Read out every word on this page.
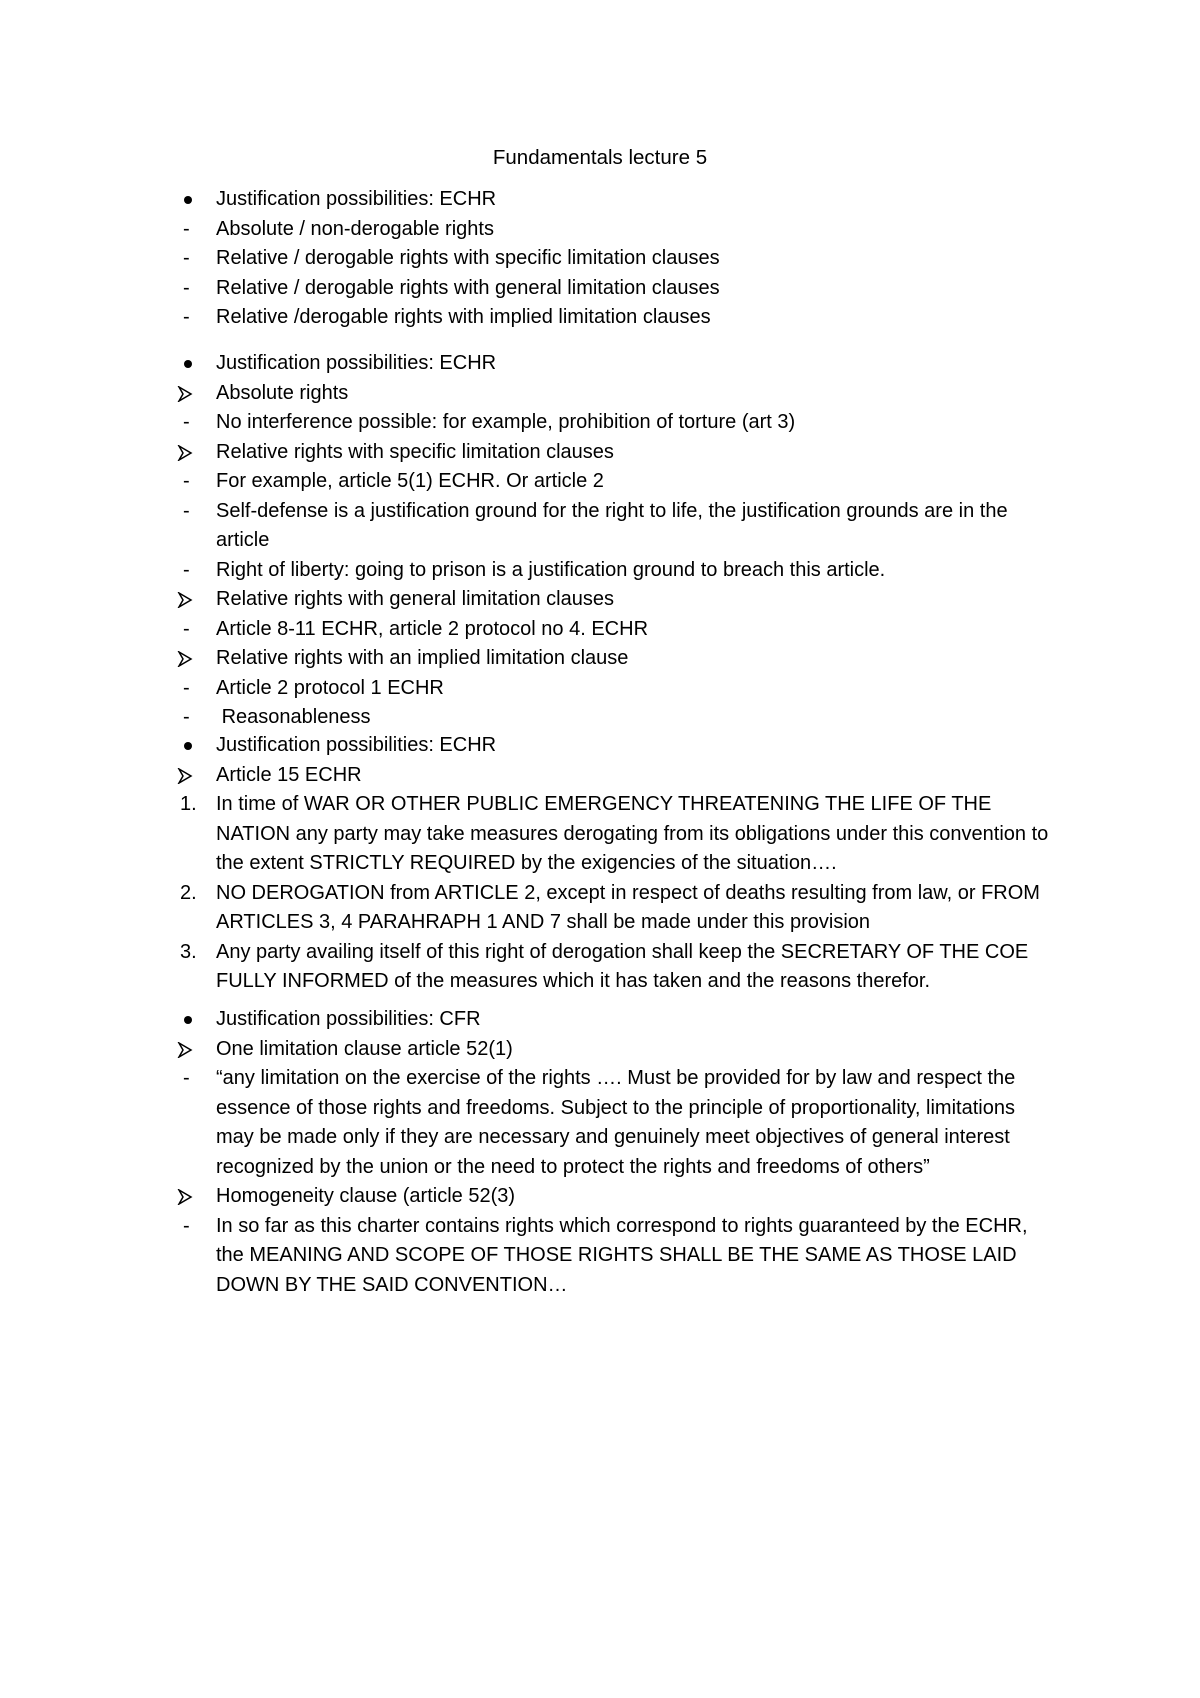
Fundamentals lecture 5
Justification possibilities: ECHR
Absolute / non-derogable rights
Relative / derogable rights with specific limitation clauses
Relative / derogable rights with general limitation clauses
Relative /derogable rights with implied limitation clauses
Justification possibilities: ECHR
Absolute rights
No interference possible: for example, prohibition of torture (art 3)
Relative rights with specific limitation clauses
For example, article 5(1) ECHR. Or article 2
Self-defense is a justification ground for the right to life, the justification grounds are in the article
Right of liberty: going to prison is a justification ground to breach this article.
Relative rights with general limitation clauses
Article 8-11 ECHR, article 2 protocol no 4. ECHR
Relative rights with an implied limitation clause
Article 2 protocol 1 ECHR
Reasonableness
Justification possibilities: ECHR
Article 15 ECHR
1. In time of WAR OR OTHER PUBLIC EMERGENCY THREATENING THE LIFE OF THE NATION any party may take measures derogating from its obligations under this convention to the extent STRICTLY REQUIRED by the exigencies of the situation….
2. NO DEROGATION from ARTICLE 2, except in respect of deaths resulting from law, or FROM ARTICLES 3, 4 PARAHRAPH 1 AND 7 shall be made under this provision
3. Any party availing itself of this right of derogation shall keep the SECRETARY OF THE COE FULLY INFORMED of the measures which it has taken and the reasons therefor.
Justification possibilities: CFR
One limitation clause article 52(1)
“any limitation on the exercise of the rights …. Must be provided for by law and respect the essence of those rights and freedoms. Subject to the principle of proportionality, limitations may be made only if they are necessary and genuinely meet objectives of general interest recognized by the union or the need to protect the rights and freedoms of others”
Homogeneity clause (article 52(3)
In so far as this charter contains rights which correspond to rights guaranteed by the ECHR, the MEANING AND SCOPE OF THOSE RIGHTS SHALL BE THE SAME AS THOSE LAID DOWN BY THE SAID CONVENTION…
